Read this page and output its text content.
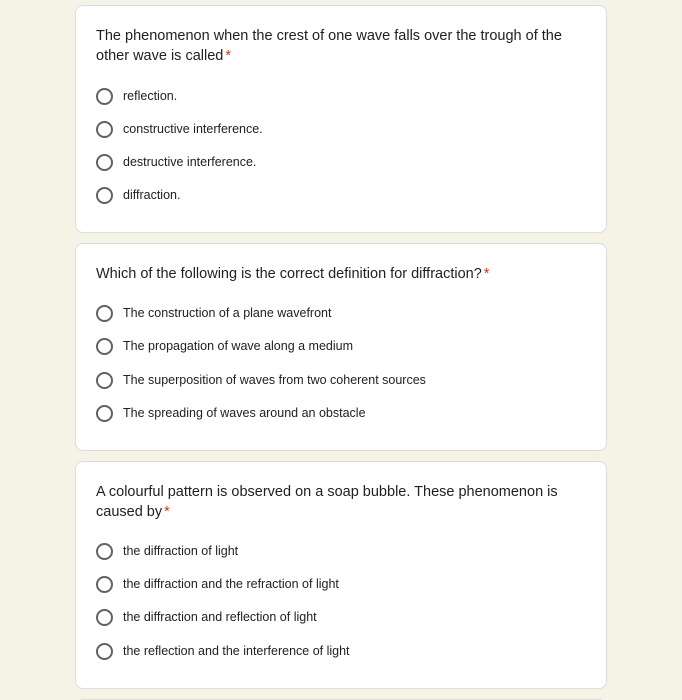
The phenomenon when the crest of one wave falls over the trough of the other wave is called *
reflection.
constructive interference.
destructive interference.
diffraction.
Which of the following is the correct definition for diffraction? *
The construction of a plane wavefront
The propagation of wave along a medium
The superposition of waves from two coherent sources
The spreading of waves around an obstacle
A colourful pattern is observed on a soap bubble. These phenomenon is caused by *
the diffraction of light
the diffraction and the refraction of light
the diffraction and reflection of light
the reflection and the interference of light
